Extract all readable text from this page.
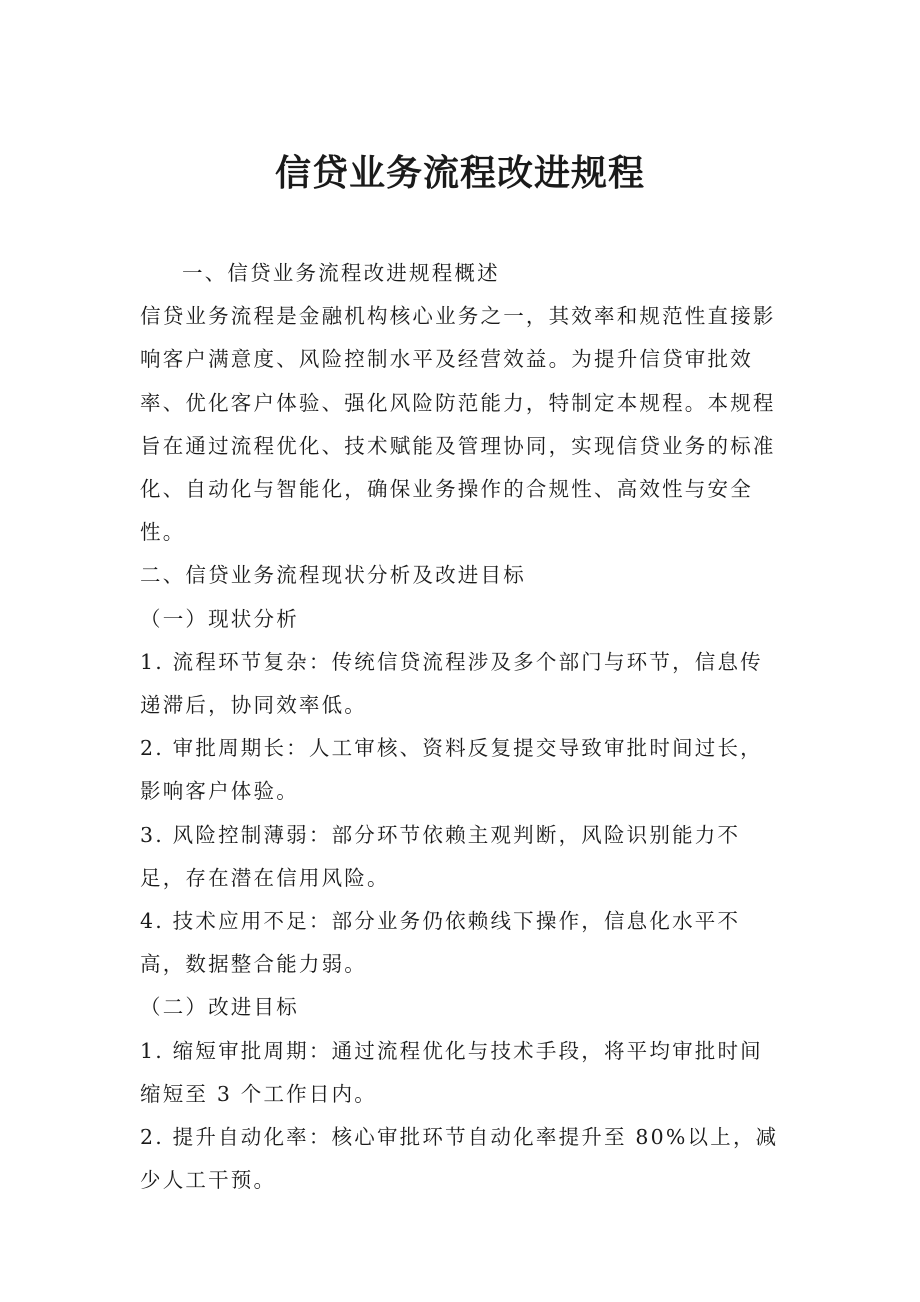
信贷业务流程改进规程

一、信贷业务流程改进规程概述

信贷业务流程是金融机构核心业务之一，其效率和规范性直接影响客户满意度、风险控制水平及经营效益。为提升信贷审批效率、优化客户体验、强化风险防范能力，特制定本规程。本规程旨在通过流程优化、技术赋能及管理协同，实现信贷业务的标准化、自动化与智能化，确保业务操作的合规性、高效性与安全性。

二、信贷业务流程现状分析及改进目标

（一）现状分析

1. 流程环节复杂：传统信贷流程涉及多个部门与环节，信息传递滞后，协同效率低。

2. 审批周期长：人工审核、资料反复提交导致审批时间过长，影响客户体验。

3. 风险控制薄弱：部分环节依赖主观判断，风险识别能力不足，存在潜在信用风险。

4. 技术应用不足：部分业务仍依赖线下操作，信息化水平不高，数据整合能力弱。

（二）改进目标

1. 缩短审批周期：通过流程优化与技术手段，将平均审批时间缩短至 3 个工作日内。

2. 提升自动化率：核心审批环节自动化率提升至 80%以上，减少人工干预。
